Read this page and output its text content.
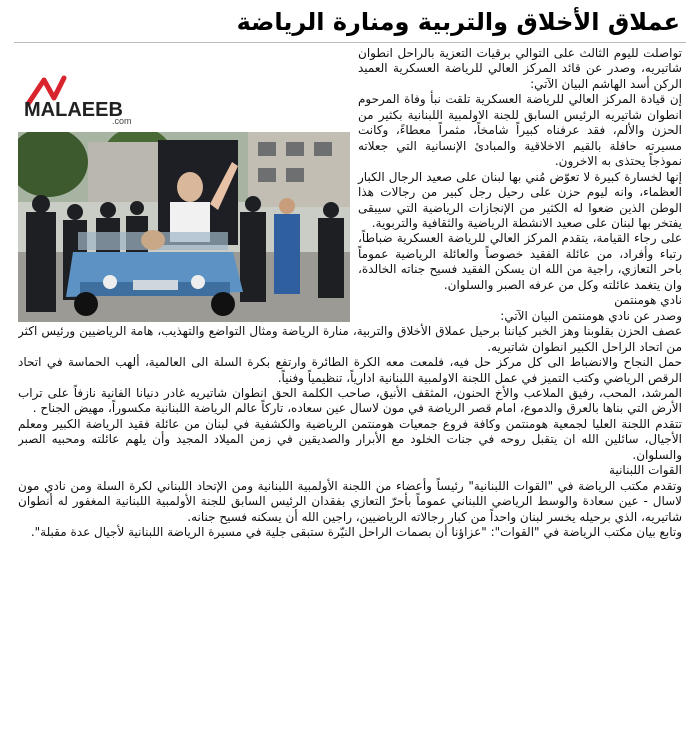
عملاق الأخلاق والتربية ومنارة الرياضة
MALAEEB
.com

تواصلت لليوم الثالث على التوالي برقيات التعزية بالراحل انطوان شاتيريه، وصدر عن قائد المركز العالي للرياضة العسكرية العميد الركن أسد الهاشم البيان الآتي:

إن قيادة المركز العالي للرياضة العسكرية تلقت نبأ وفاة المرحوم انطوان شاتيريه الرئيس السابق للجنة الاولمبية اللبنانية بكثير من الحزن والألم، فقد عرفناه كبيراً شامخاً، مثمراً معطاءً، وكانت مسيرته حافلة بالقيم الاخلاقية والمبادئ الإنسانية التي جعلاته نموذجاً يحتذى به الاخرون.

إنها لخسارة كبيرة لا تعوّض مُني بها لبنان على صعيد الرجال الكبار العظماء، وانه ليوم حزن على رحيل رجل كبير من رجالات هذا الوطن الذين ضعوا له الكثير من الإنجازات الرياضية التي سيبقى يفتخر بها لبنان على صعيد الانشطة الرياضية والثقافية والتربوية.

على رجاء القيامة، يتقدم المركز العالي للرياضة العسكرية ضباطاً، رتباء وأفراد، من عائلة الفقيد خصوصاً والعائلة الرياضية عموماً باحر التعازي، راجية من الله ان يسكن الفقيد فسيح جناته الخالدة، وان يتغمد عائلته وكل من عرفه الصبر والسلوان.

نادي هومنتمن

وصدر عن نادي هومنتمن البيان الآتي:

عصف الحزن بقلوبنا وهز الخبر كياننا برحيل عملاق الأخلاق والتربية، منارة الرياضة ومثال التواضع والتهذيب، هامة الرياضيين ورئيس اكثر من اتحاد الراحل الكبير انطوان شاتيريه.

حمل النجاح والانضباط الى كل مركز حل فيه، فلمعت معه الكرة الطائرة وارتفع بكرة السلة الى العالمية، ألهب الحماسة في اتحاد الرقص الرياضي وكتب التميز في عمل اللجنة الاولمبية اللبنانية ادارياً، تنظيمياً وفنياً.

المرشد، المحب، رفيق الملاعب والأخ الحنون، المثقف الأنيق، صاحب الكلمة الحق انطوان شاتيريه غادر دنيانا الفانية نازفاً على تراب الأرض التي بناها بالعرق والدموع، امام قصر الرياضة في مون لاسال عين سعاده، تاركاً عالم الرياضة اللبنانية مكسوراً، مهيض الجناح .

تتقدم اللجنة العليا لجمعية هومنتمن وكافة فروع جمعيات هومنتمن الرياضية والكشفية في لبنان من عائلة فقيد الرياضة الكبير ومعلم الأجيال، سائلين الله ان يتقبل روحه في جنات الخلود مع الأبرار والصديقين في زمن الميلاد المجيد وأن يلهم عائلته ومحبيه الصبر والسلوان.

القوات اللبنانية

وتقدم مكتب الرياضة في "القوات اللبنانية" رئيساً وأعضاء من اللجنة الأولمبية اللبنانية ومن الإتحاد اللبناني لكرة السلة ومن نادي مون لاسال - عين سعادة والوسط الرياضي اللبناني عموماً بأحرّ التعازي بفقدان الرئيس السابق للجنة الأولمبية اللبنانية المغفور له أنطوان شاتيريه، الذي برحيله يخسر لبنان واحداً من كبار رجالاته الرياضيين، راجين الله أن يسكنه فسيح جنانه.

وتابع بيان مكتب الرياضة في "القوات": "عزاؤنا أن بصمات الراحل النيّرة ستبقى جلية في مسيرة الرياضة اللبنانية لأجيال عدة مقبلة".
